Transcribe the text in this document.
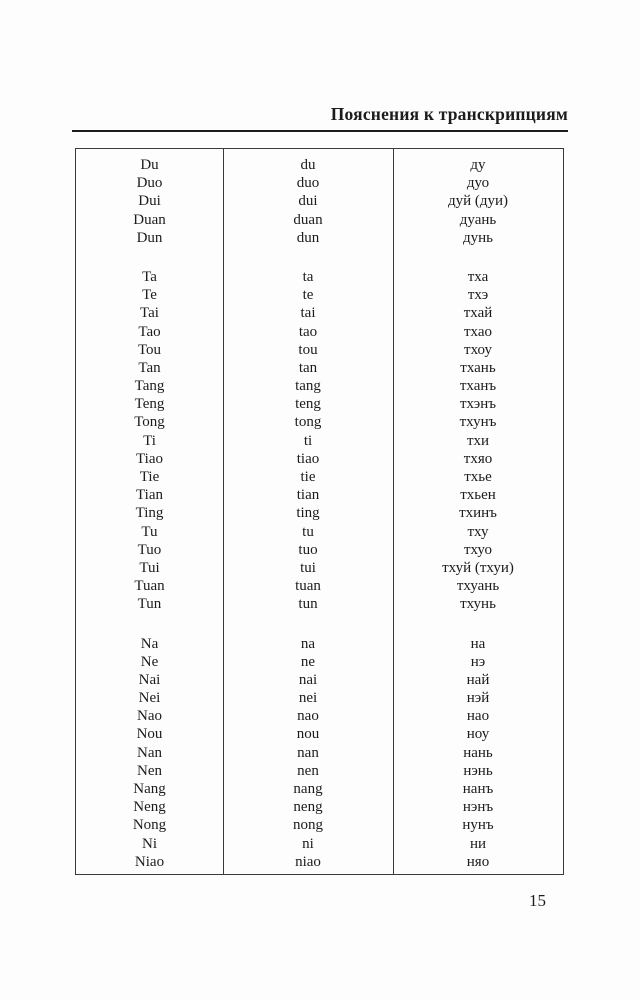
Пояснения к транскрипциям
Du	du	ду
Duo	duo	дуо
Dui	dui	дуй (дуи)
Duan	duan	дуань
Dun	dun	дунь
Ta	ta	тха
Te	te	тхэ
Tai	tai	тхай
Tao	tao	тхао
Tou	tou	тхоу
Tan	tan	тхань
Tang	tang	тханъ
Teng	teng	тхэнъ
Tong	tong	тхунъ
Ti	ti	тхи
Tiao	tiao	тхяо
Tie	tie	тхье
Tian	tian	тхьен
Ting	ting	тхинъ
Tu	tu	тху
Tuo	tuo	тхуо
Tui	tui	тхуй (тхуи)
Tuan	tuan	тхуань
Tun	tun	тхунь
Na	na	на
Ne	ne	нэ
Nai	nai	най
Nei	nei	нэй
Nao	nao	нао
Nou	nou	ноу
Nan	nan	нань
Nen	nen	нэнь
Nang	nang	нанъ
Neng	neng	нэнъ
Nong	nong	нунъ
Ni	ni	ни
Niao	niao	няо
15
